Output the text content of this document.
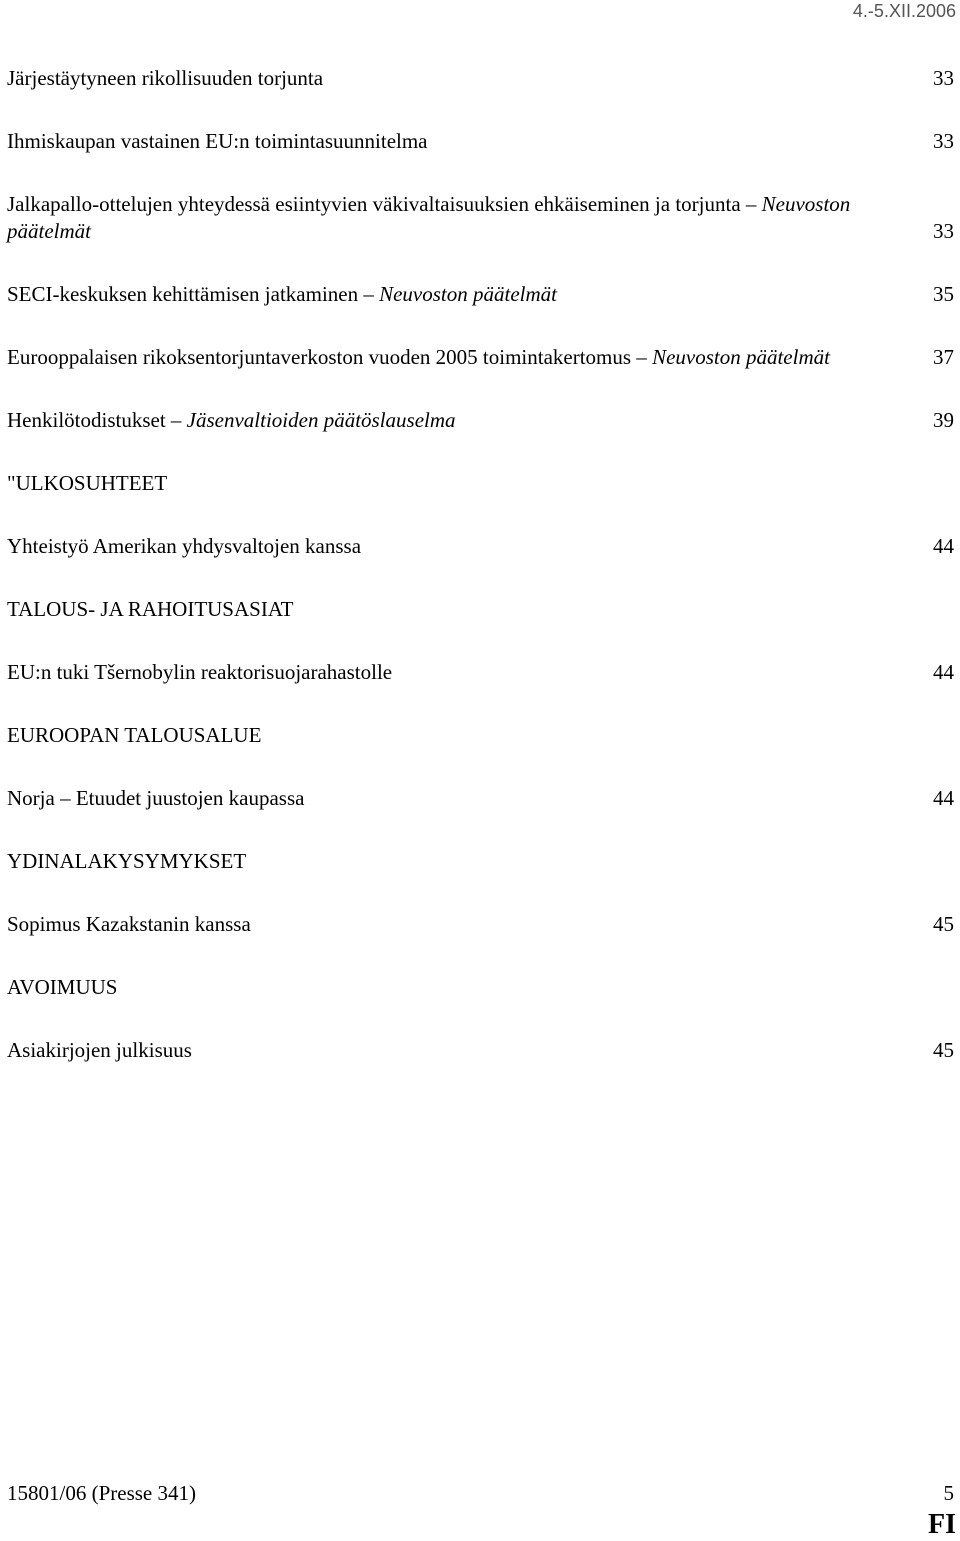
4.-5.XII.2006
Järjestäytyneen rikollisuuden torjunta	33
Ihmiskaupan vastainen EU:n toimintasuunnitelma	33
Jalkapallo-ottelujen yhteydessä esiintyvien väkivaltaisuuksien ehkäiseminen ja torjunta – Neuvoston päätelmät	33
SECI-keskuksen kehittämisen jatkaminen – Neuvoston päätelmät	35
Eurooppalaisen rikoksentorjuntaverkoston vuoden 2005 toimintakertomus – Neuvoston päätelmät	37
Henkilötodistukset – Jäsenvaltioiden päätöslauselma	39
"ULKOSUHTEET
Yhteistyö Amerikan yhdysvaltojen kanssa	44
TALOUS- JA RAHOITUSASIAT
EU:n tuki Tšernobylin reaktorisuojarahastolle	44
EUROOPAN TALOUSALUE
Norja – Etuudet juustojen kaupassa	44
YDINALAKYSYMYKSET
Sopimus Kazakstanin kanssa	45
AVOIMUUS
Asiakirjojen julkisuus	45
15801/06 (Presse 341)	5
FI
